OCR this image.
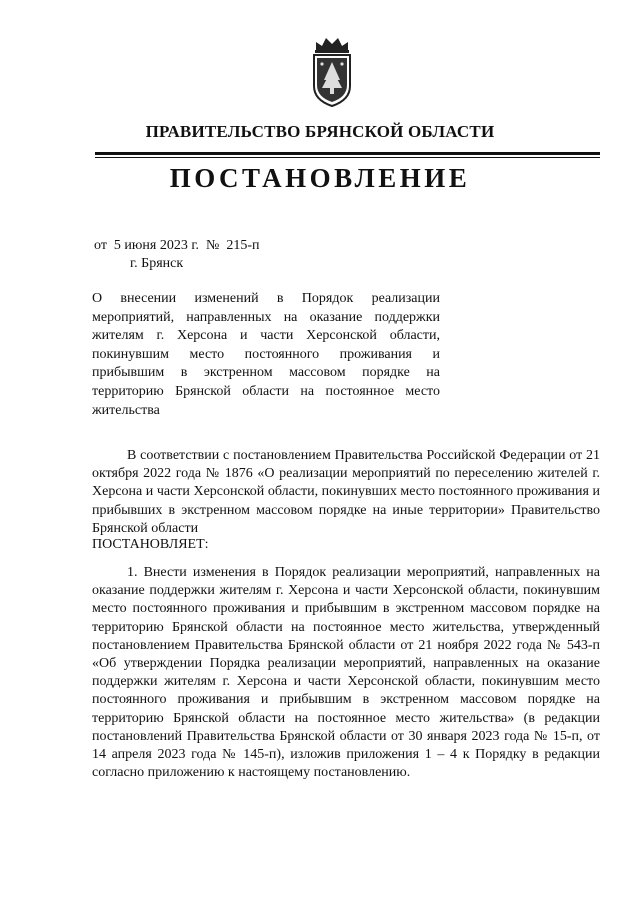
ПРАВИТЕЛЬСТВО БРЯНСКОЙ ОБЛАСТИ
ПОСТАНОВЛЕНИЕ
от  5 июня 2023 г.  №  215-п
г. Брянск
О внесении изменений в Порядок реализации мероприятий, направленных на оказание поддержки жителям г. Херсона и части Херсонской области, покинувшим место постоянного проживания и прибывшим в экстренном массовом порядке на территорию Брянской области на постоянное место жительства
В соответствии с постановлением Правительства Российской Федерации от 21 октября 2022 года № 1876 «О реализации мероприятий по переселению жителей г. Херсона и части Херсонской области, покинувших место постоянного проживания и прибывших в экстренном массовом порядке на иные территории» Правительство Брянской области
ПОСТАНОВЛЯЕТ:
1. Внести изменения в Порядок реализации мероприятий, направленных на оказание поддержки жителям г. Херсона и части Херсонской области, покинувшим место постоянного проживания и прибывшим в экстренном массовом порядке на территорию Брянской области на постоянное место жительства, утвержденный постановлением Правительства Брянской области от 21 ноября 2022 года № 543-п «Об утверждении Порядка реализации мероприятий, направленных на оказание поддержки жителям г. Херсона и части Херсонской области, покинувшим место постоянного проживания и прибывшим в экстренном массовом порядке на территорию Брянской области на постоянное место жительства» (в редакции постановлений Правительства Брянской области от 30 января 2023 года № 15-п, от 14 апреля 2023 года № 145-п), изложив приложения 1 – 4 к Порядку в редакции согласно приложению к настоящему постановлению.
